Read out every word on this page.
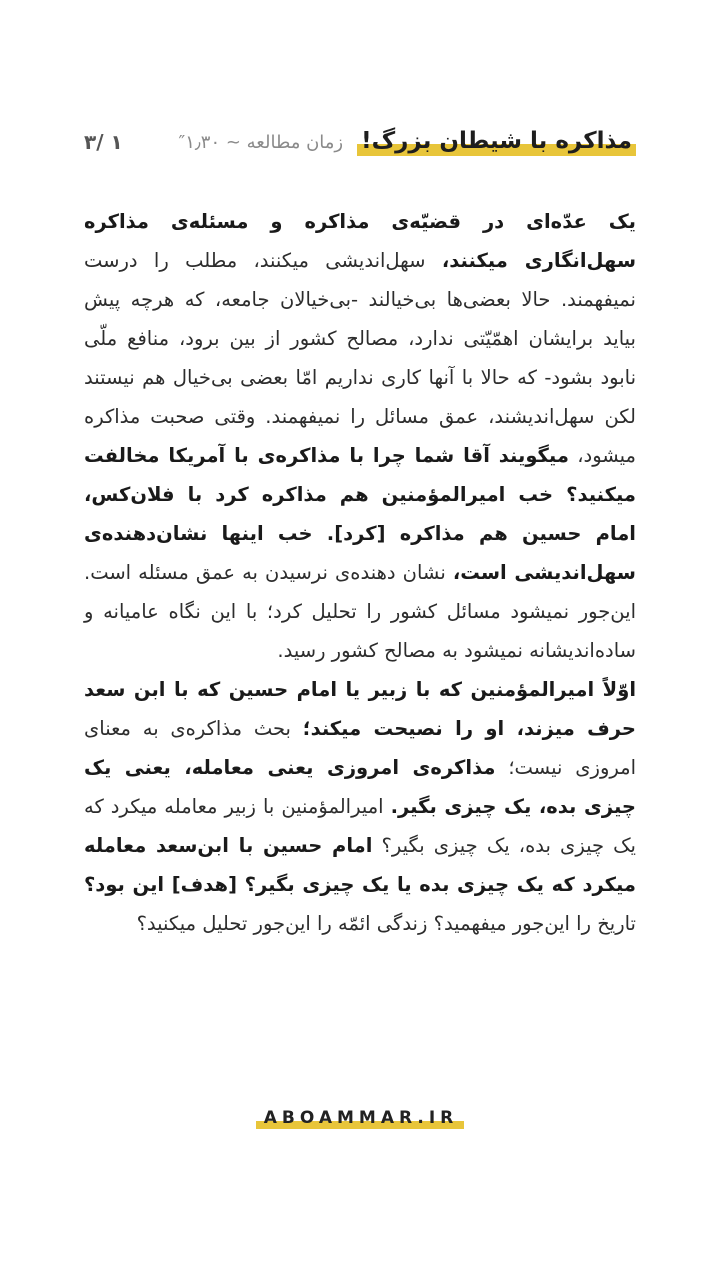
مذاکره با شیطان بزرگ!
زمان مطالعه ~ ۱٫۳۰″
۱ /۳

یک عدّه‌ای در قضیّه‌ی مذاکره و مسئله‌ی مذاکره سهل‌انگاری میکنند، سهل‌اندیشی میکنند، مطلب را درست نمیفهمند. حالا بعضی‌ها بی‌خیالند -بی‌خیالان جامعه، که هرچه پیش بیاید برایشان اهمّیّتی ندارد، مصالح کشور از بین برود، منافع ملّی نابود بشود- که حالا با آنها کاری نداریم امّا بعضی بی‌خیال هم نیستند لکن سهل‌اندیشند، عمق مسائل را نمیفهمند. وقتی صحبت مذاکره میشود، میگویند آقا شما چرا با مذاکره‌ی با آمریکا مخالفت میکنید؟ خب امیرالمؤمنین هم مذاکره کرد با فلان‌کس، امام حسین هم مذاکره [کرد]. خب اینها نشان‌دهنده‌ی سهل‌اندیشی است، نشان دهنده‌ی نرسیدن به عمق مسئله است. این‌جور نمیشود مسائل کشور را تحلیل کرد؛ با این نگاه عامیانه و ساده‌اندیشانه نمیشود به مصالح کشور رسید.

اوّلاً امیرالمؤمنین که با زبیر یا امام حسین که با ابن سعد حرف میزند، او را نصیحت میکند؛ بحث مذاکره‌ی به معنای امروزی نیست؛ مذاکره‌ی امروزی یعنی معامله، یعنی یک چیزی بده، یک چیزی بگیر. امیرالمؤمنین با زبیر معامله میکرد که یک چیزی بده، یک چیزی بگیر؟ امام حسین با ابن‌سعد معامله میکرد که یک چیزی بده یا یک چیزی بگیر؟ [هدف] این بود؟ تاریخ را این‌جور میفهمید؟ زندگی ائمّه را این‌جور تحلیل میکنید؟

ABOAMMAR.IR
